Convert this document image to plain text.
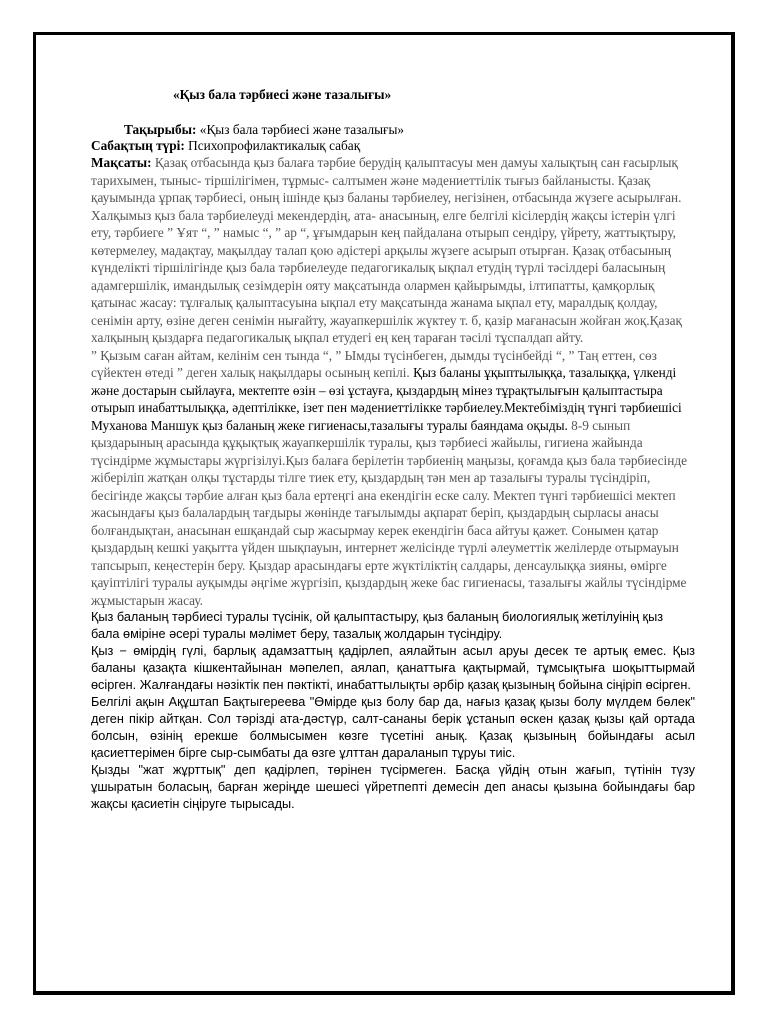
«Қыз бала тәрбиесі және тазалығы»
Тақырыбы: «Қыз бала тәрбиесі және тазалығы»
Сабақтың түрі: Психопрофилактикалық сабақ

Мақсаты: Қазақ отбасында қыз балаға тәрбие берудің қалыптасуы мен дамуы халықтың сан ғасырлық тарихымен, тыныс- тіршілігімен, тұрмыс- салтымен және мәдениеттілік тығыз байланысты. Қазақ қауымында ұрпақ тәрбиесі, оның ішінде қыз баланы тәрбиелеу, негізінен, отбасында жүзеге асырылған.

Халқымыз қыз бала тәрбиелеуді мекендердің, ата- анасының, елге белгілі кісілердің жақсы істерін үлгі ету, тәрбиеге ” Ұят “, ” намыс “, ” ар “, ұғымдарын кең пайдалана отырып сендіру, үйрету, жаттықтыру, көтермелеу, мадақтау, мақылдау талап қою әдістері арқылы жүзеге асырып отырған. Қазақ отбасының күнделікті тіршілігінде қыз бала тәрбиелеуде педагогикалық ықпал етудің түрлі тәсілдері баласының адамгершілік, имандылық сезімдерін ояту мақсатында олармен қайырымды, ілтипатты, қамқорлық қатынас жасау: тұлғалық қалыптасуына ықпал ету мақсатында жанама ықпал ету, маралдық қолдау, сенімін арту, өзіне деген сенімін нығайту, жауапкершілік жүктеу т. б, қазір мағанасын жойған жоқ.Қазақ халқының қыздарға педагогикалық ықпал етудегі ең кең тараған тәсілі тұспалдап айту.

” Қызым саған айтам, келінім сен тында “, ” Ымды түсінбеген, дымды түсінбейді “, ” Таң еттен, сөз сүйектен өтеді ” деген халық нақылдары осының кепілі. Қыз баланы ұқыптылыққа, тазалыққа, үлкенді және достарын сыйлауға, мектепте өзін – өзі ұстауға, қыздардың мінез тұрақтылығын қалыптастыра отырып инабаттылыққа, әдептілікке, ізет пен мәдениеттілікке тәрбиелеу.Мектебіміздің түнгі тәрбиешісі Муханова Маншук қыз баланың жеке гигиенасы,тазалығы туралы баяндама оқыды. 8-9 сынып қыздарының арасында құқықтық жауапкершілік туралы, қыз тәрбиесі жайылы, гигиена жайында түсіндірме жұмыстары жүргізілуі.Қыз балаға берілетін тәрбиенің маңызы, қоғамда қыз бала тәрбиесінде жіберіліп жатқан олқы тұстарды тілге тиек ету, қыздардың тән мен ар тазалығы туралы түсіндіріп, бесігінде жақсы тәрбие алған қыз бала ертеңгі ана екендігін еске салу. Мектеп түнгі тәрбиешісі мектеп жасындағы қыз балалардың тағдыры жөнінде тағылымды ақпарат беріп, қыздардың сырласы анасы болғандықтан, анасынан ешқандай сыр жасырмау керек екендігін баса айтуы қажет. Сонымен қатар қыздардың кешкі уақытта үйден шықпауын, интернет желісінде түрлі әлеуметтік желілерде отырмауын тапсырып, кеңестерін беру. Қыздар арасындағы ерте жүктіліктің салдары, денсаулыққа зияны, өмірге қауіптілігі туралы ауқымды әңгіме жүргізіп, қыздардың жеке бас гигиенасы, тазалығы жайлы түсіндірме жұмыстарын жасау.

Қыз баланың тәрбиесі туралы түсінік, ой қалыптастыру, қыз баланың биологиялық жетілуінің қыз бала өміріне әсері туралы мәлімет беру, тазалық жолдарын түсіндіру.

Қыз − өмірдің гүлі, барлық адамзаттың қадірлеп, аялайтын асыл аруы десек те артық емес. Қыз баланы қазақта кішкентайынан мәпелеп, аялап, қанаттыға қақтырмай, тұмсықтыға шоқыттырмай өсірген. Жалғандағы нәзіктік пен пәктікті, инабаттылықты әрбір қазақ қызының бойына сіңіріп өсірген.

Белгілі ақын Ақұштап Бақтыгереева "Өмірде қыз болу бар да, нағыз қазақ қызы болу мүлдем бөлек" деген пікір айтқан. Сол тәрізді ата-дәстүр, салт-сананы берік ұстанып өскен қазақ қызы қай ортада болсын, өзінің ерекше болмысымен көзге түсетіні анық. Қазақ қызының бойындағы асыл қасиеттерімен бірге сыр-сымбаты да өзге ұлттан дараланып тұруы тиіс.

Қызды "жат жұрттық" деп қадірлеп, төрінен түсірмеген. Басқа үйдің отын жағып, түтінін түзу ұшыратын боласың, барған жеріңде шешесі үйретпепті демесін деп анасы қызына бойындағы бар жақсы қасиетін сіңіруге тырысады.
